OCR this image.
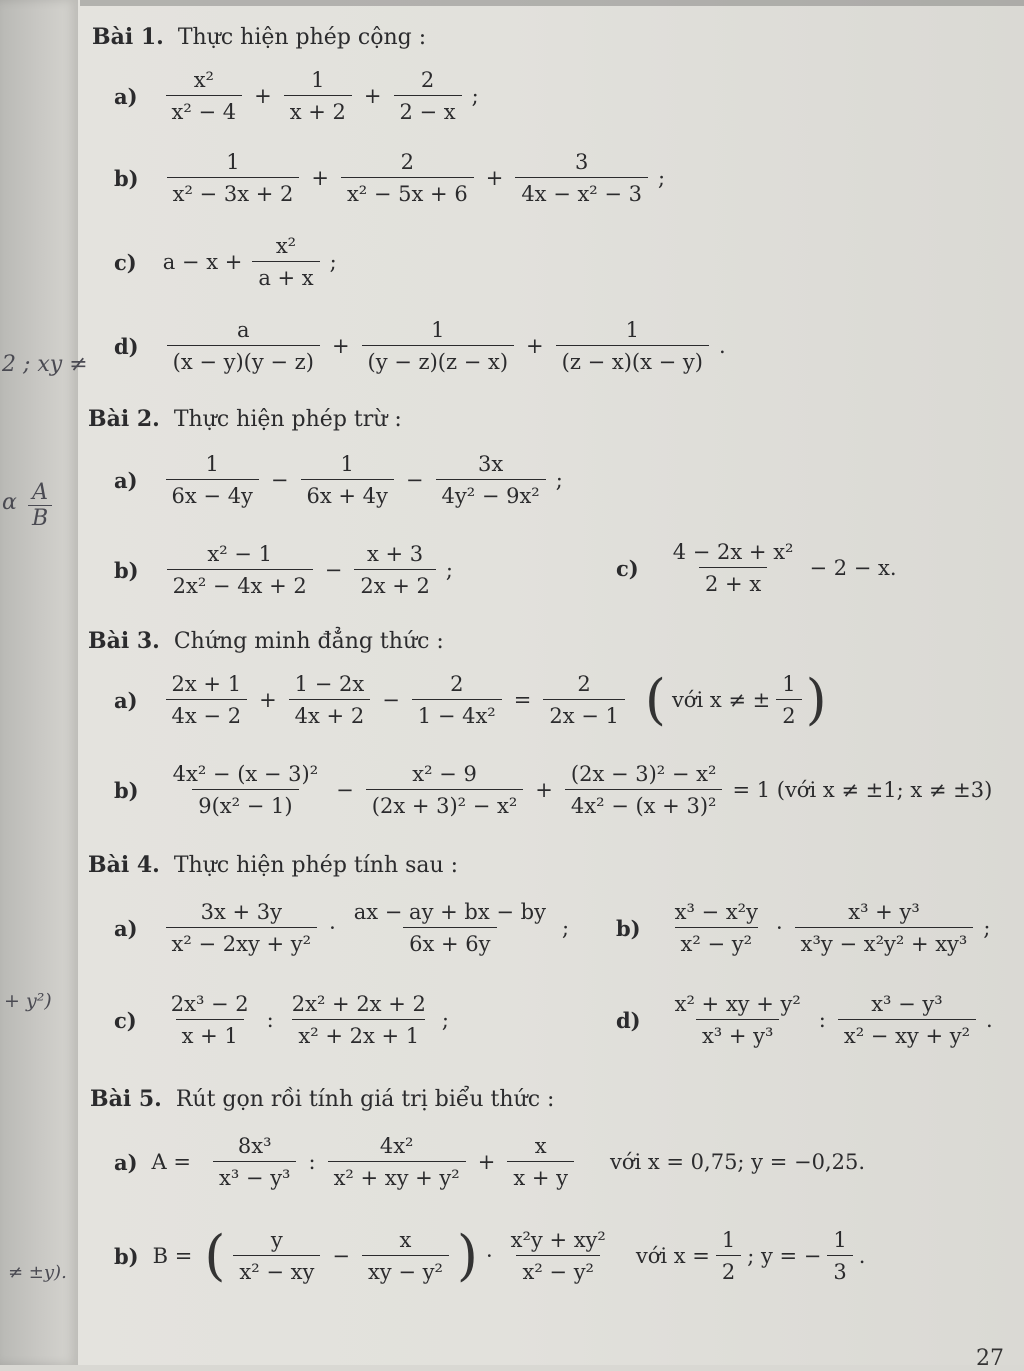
2 ; xy ≠
α $\frac{A}{B}$
+ y²)
≠ ±y).
Bài 1. Thực hiện phép cộng :
$a) \frac{\text{x²}}{\text{x² − 4}} + \frac{1}{x + 2} + \frac{2}{2 - x}$ ;
$b) \frac{1}{\text{x² − 3x + 2}} + \frac{2}{\text{x² − 5x + 6}} + \frac{3}{\text{4x − x² − 3}}$ ;
c) $a - x + \frac{\text{x²}}{a + x}$ ;
$d) \frac{a}{(x - y)(y - z)} + \frac{1}{(y - z)(z - x)} + \frac{1}{(z - x)(x - y)}$ .
Bài 2. Thực hiện phép trừ :
$a) \frac{1}{6x - 4y} - \frac{1}{6x + 4y} - \frac{3x}{\text{4y² − 9x²}}$ ;
$b) \frac{\text{x² − 1}}{\text{2x² − 4x + 2}} - \frac{x + 3}{2x + 2}$ ;	$c) \frac{\text{4 − 2x + x²}}{2 + x} - 2 - x$.
Bài 3. Chứng minh đẳng thức :
$a) \frac{2x + 1}{4x - 2} + \frac{1 - 2x}{4x + 2} - \frac{2}{\text{1 − 4x²}} = \frac{2}{2x - 1}$ ( với x ≠ ± $\frac{1}{2}$ )
$b) \frac{\text{4x² − (x − 3)²}}{\text{9(x² − 1)}} - \frac{\text{x² − 9}}{\text{(2x + 3)² − x²}} + \frac{\text{(2x − 3)² − x²}}{\text{4x² − (x + 3)²}} = 1$ (với x ≠ ±1; x ≠ ±3)
Bài 4. Thực hiện phép tính sau :
$a) \frac{3x + 3y}{\text{x² − 2xy + y²}} \cdot \frac{ax - ay + bx - by}{6x + 6y}$ ; $b) \frac{\text{x³ − x²y}}{\text{x² − y²}} \cdot \frac{\text{x³ + y³}}{\text{x³y − x²y² + xy³}}$ ;
$c) \frac{\text{2x³ − 2}}{x + 1}$ : $\frac{\text{2x² + 2x + 2}}{\text{x² + 2x + 1}}$ ;	$d) \frac{\text{x² + xy + y²}}{\text{x³ + y³}}$ : $\frac{\text{x³ − y³}}{\text{x² − xy + y²}}$ .
Bài 5. Rút gọn rồi tính giá trị biểu thức :
a) $A = \frac{\text{8x³}}{\text{x³ − y³}}$ : $\frac{\text{4x²}}{\text{x² + xy + y²}} + \frac{x}{x + y}$ với x = 0,75; y = −0,25.
b) B = ( $\frac{y}{\text{x² − xy}} - \frac{x}{\text{xy − y²}}$ ) · $\frac{\text{x²y + xy²}}{\text{x² − y²}}$ với $x = \frac{1}{2}$ ; y = − $\frac{1}{3}$ .
27
